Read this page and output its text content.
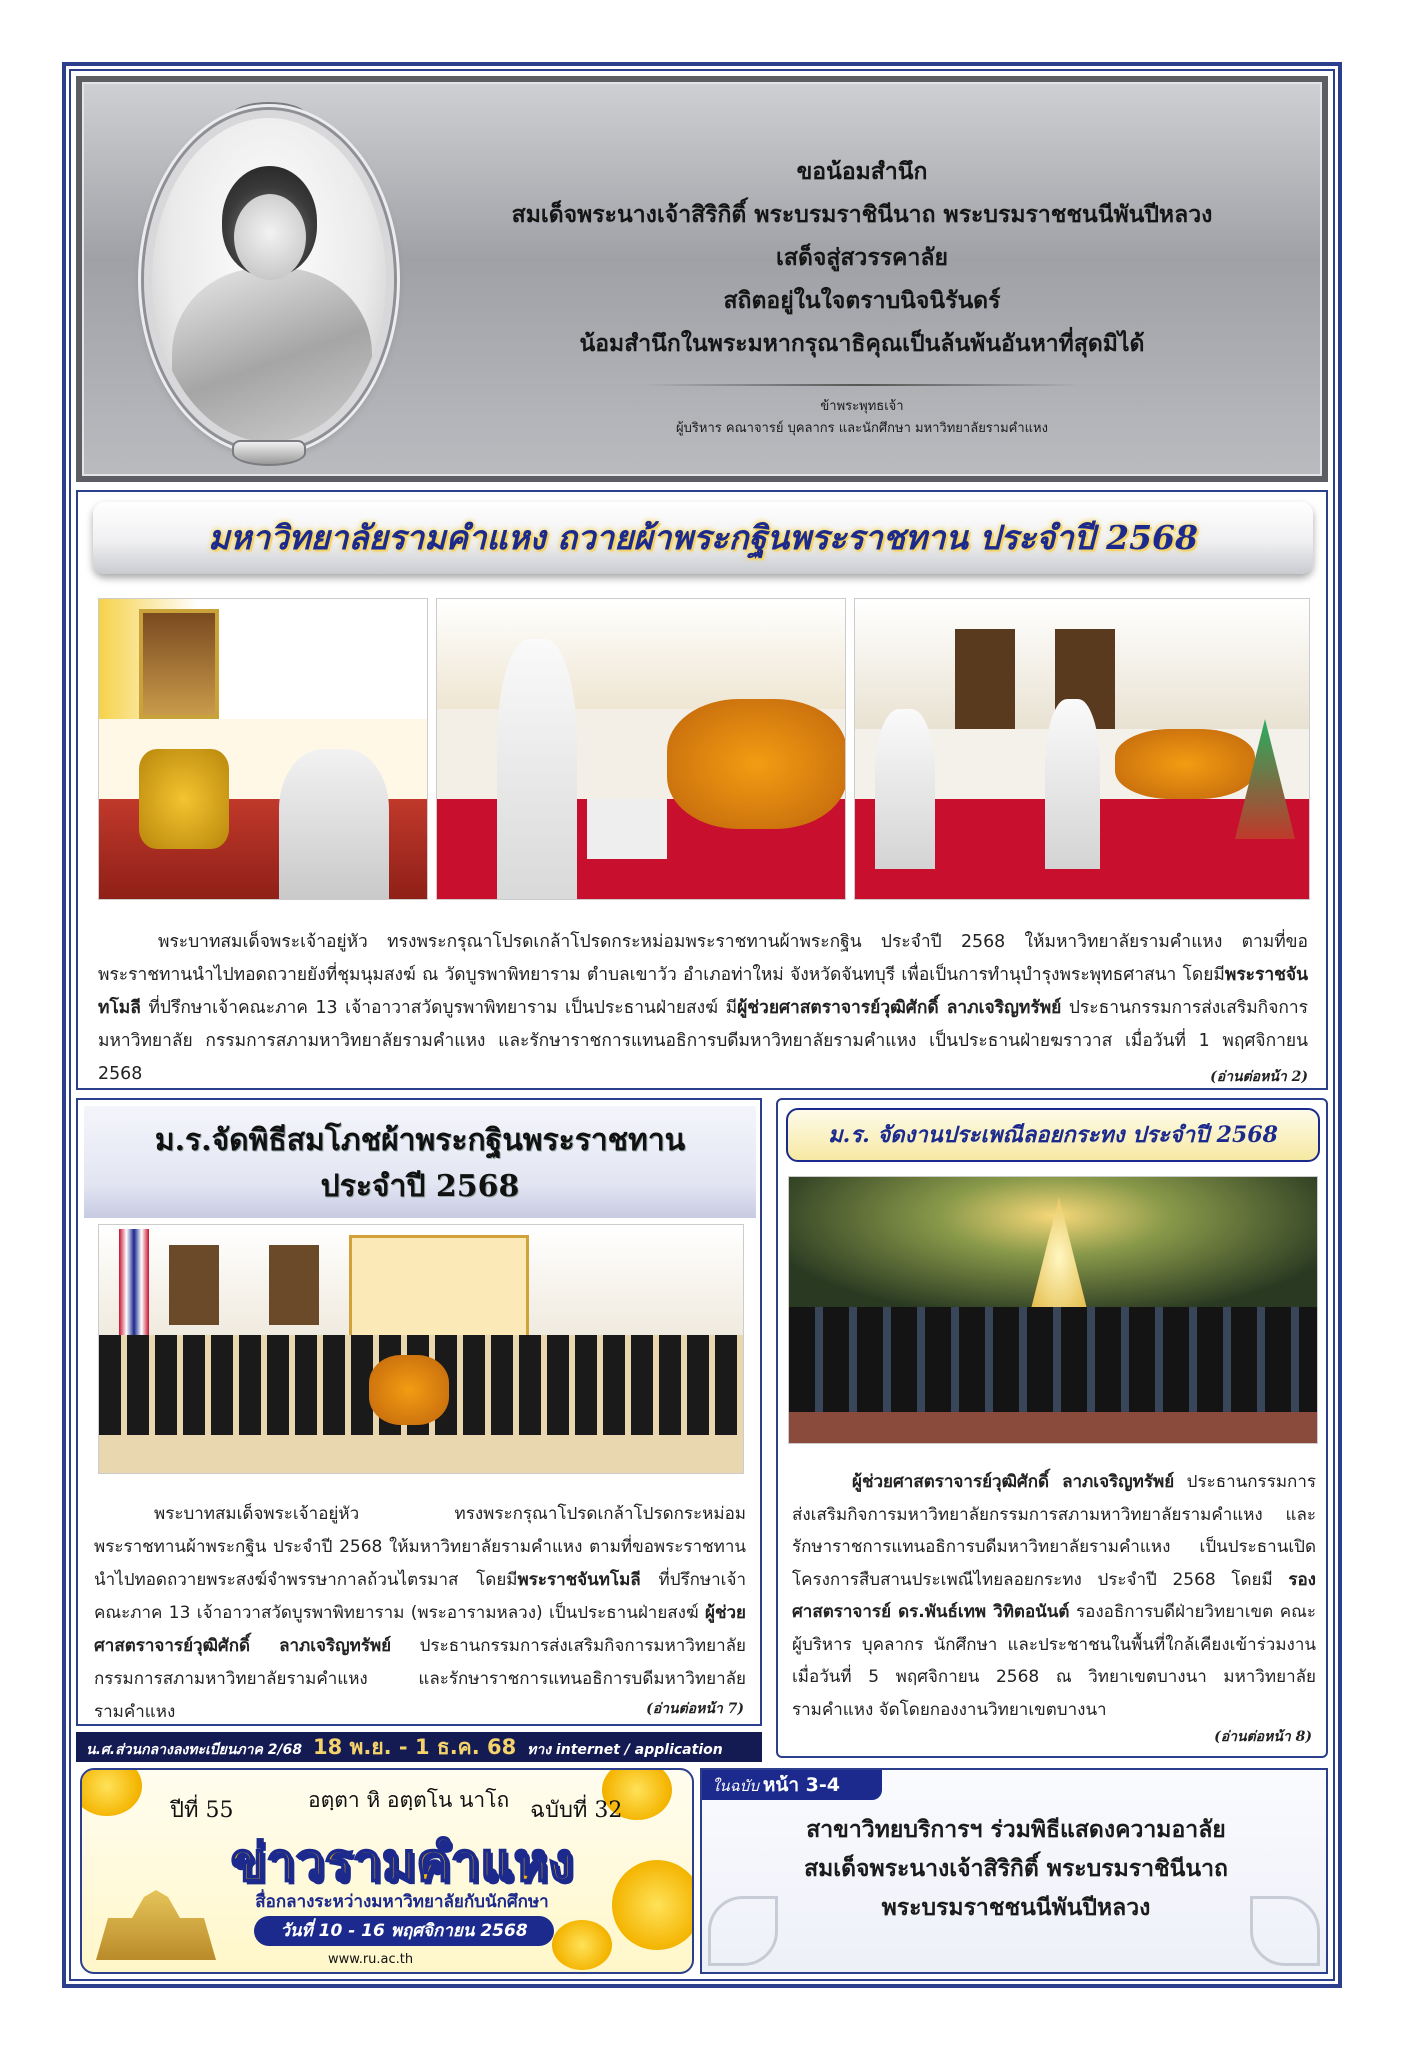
ขอน้อมสำนึก
สมเด็จพระนางเจ้าสิริกิติ์ พระบรมราชินีนาถ พระบรมราชชนนีพันปีหลวง
เสด็จสู่สวรรคาลัย
สถิตอยู่ในใจตราบนิจนิรันดร์
น้อมสำนึกในพระมหากรุณาธิคุณเป็นล้นพ้นอันหาที่สุดมิได้
ข้าพระพุทธเจ้า
ผู้บริหาร คณาจารย์ บุคลากร และนักศึกษา มหาวิทยาลัยรามคำแหง
มหาวิทยาลัยรามคำแหง ถวายผ้าพระกฐินพระราชทาน ประจำปี 2568

พระบาทสมเด็จพระเจ้าอยู่หัว ทรงพระกรุณาโปรดเกล้าโปรดกระหม่อมพระราชทานผ้าพระกฐิน ประจำปี 2568 ให้มหาวิทยาลัยรามคำแหง ตามที่ขอพระราชทานนำไปทอดถวายยังที่ชุมนุมสงฆ์ ณ วัดบูรพาพิทยาราม ตำบลเขาวัว อำเภอท่าใหม่ จังหวัดจันทบุรี เพื่อเป็นการทำนุบำรุงพระพุทธศาสนา โดยมีพระราชจันทโมลี ที่ปรึกษาเจ้าคณะภาค 13 เจ้าอาวาสวัดบูรพาพิทยาราม เป็นประธานฝ่ายสงฆ์ มีผู้ช่วยศาสตราจารย์วุฒิศักดิ์ ลาภเจริญทรัพย์ ประธานกรรมการส่งเสริมกิจการมหาวิทยาลัย กรรมการสภามหาวิทยาลัยรามคำแหง และรักษาราชการแทนอธิการบดีมหาวิทยาลัยรามคำแหง เป็นประธานฝ่ายฆราวาส เมื่อวันที่ 1 พฤศจิกายน 2568	(อ่านต่อหน้า 2)
ม.ร.จัดพิธีสมโภชผ้าพระกฐินพระราชทาน
ประจำปี 2568

พระบาทสมเด็จพระเจ้าอยู่หัว ทรงพระกรุณาโปรดเกล้าโปรดกระหม่อมพระราชทานผ้าพระกฐิน ประจำปี 2568 ให้มหาวิทยาลัยรามคำแหง ตามที่ขอพระราชทานนำไปทอดถวายพระสงฆ์จำพรรษากาลถ้วนไตรมาส โดยมีพระราชจันทโมลี ที่ปรึกษาเจ้าคณะภาค 13 เจ้าอาวาสวัดบูรพาพิทยาราม (พระอารามหลวง) เป็นประธานฝ่ายสงฆ์ ผู้ช่วยศาสตราจารย์วุฒิศักดิ์ ลาภเจริญทรัพย์ ประธานกรรมการส่งเสริมกิจการมหาวิทยาลัย กรรมการสภามหาวิทยาลัยรามคำแหง และรักษาราชการแทนอธิการบดีมหาวิทยาลัยรามคำแหง	(อ่านต่อหน้า 7)
น.ศ.ส่วนกลางลงทะเบียนภาค 2/68 18 พ.ย. - 1 ธ.ค. 68 ทาง internet / application
ม.ร. จัดงานประเพณีลอยกระทง ประจำปี 2568

ผู้ช่วยศาสตราจารย์วุฒิศักดิ์ ลาภเจริญทรัพย์ ประธานกรรมการส่งเสริมกิจการมหาวิทยาลัยกรรมการสภามหาวิทยาลัยรามคำแหง และรักษาราชการแทนอธิการบดีมหาวิทยาลัยรามคำแหง เป็นประธานเปิดโครงการสืบสานประเพณีไทยลอยกระทง ประจำปี 2568 โดยมี รองศาสตราจารย์ ดร.พันธ์เทพ วิทิตอนันต์ รองอธิการบดีฝ่ายวิทยาเขต คณะผู้บริหาร บุคลากร นักศึกษา และประชาชนในพื้นที่ใกล้เคียงเข้าร่วมงาน เมื่อวันที่ 5 พฤศจิกายน 2568 ณ วิทยาเขตบางนา มหาวิทยาลัยรามคำแหง จัดโดยกองงานวิทยาเขตบางนา

(อ่านต่อหน้า 8)
ปีที่ 55	อตฺตา หิ อตฺตโน นาโถ ฉบับที่ 32
ข่าวรามคำแหง
สื่อกลางระหว่างมหาวิทยาลัยกับนักศึกษา
วันที่ 10 - 16 พฤศจิกายน 2568
www.ru.ac.th
ในฉบับ หน้า 3-4
สาขาวิทยบริการฯ ร่วมพิธีแสดงความอาลัย
สมเด็จพระนางเจ้าสิริกิติ์ พระบรมราชินีนาถ
พระบรมราชชนนีพันปีหลวง
